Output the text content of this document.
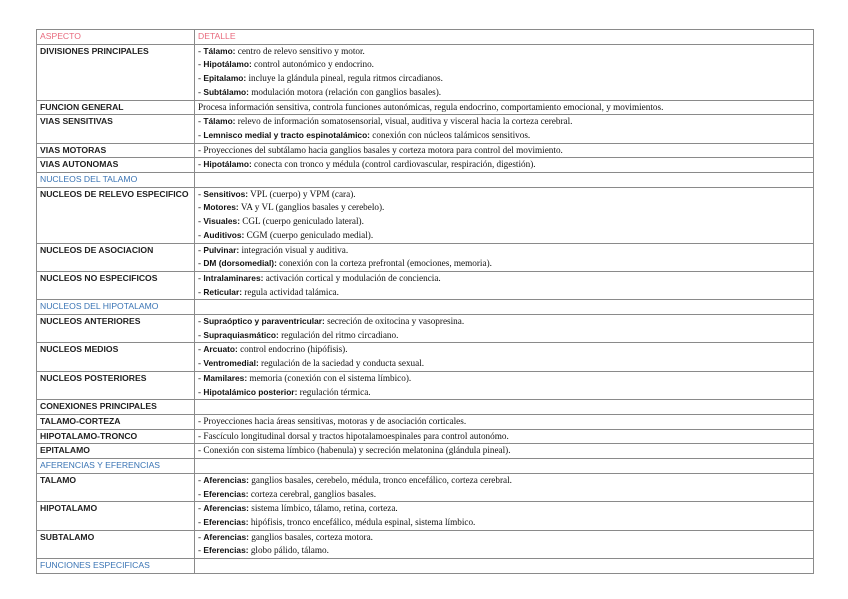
ASPECTO	DETALLE
DIVISIONES PRINCIPALES	- Tálamo: centro de relevo sensitivo y motor.
- Hipotálamo: control autonómico y endocrino.
- Epitalamo: incluye la glándula pineal, regula ritmos circadianos.
- Subtálamo: modulación motora (relación con ganglios basales).

FUNCION GENERAL	Procesa información sensitiva, controla funciones autonómicas, regula endocrino, comportamiento emocional, y movimientos.

VIAS SENSITIVAS	- Tálamo: relevo de información somatosensorial, visual, auditiva y visceral hacia la corteza cerebral.
- Lemnisco medial y tracto espinotalámico: conexión con núcleos talámicos sensitivos.

VIAS MOTORAS	- Proyecciones del subtálamo hacia ganglios basales y corteza motora para control del movimiento.

VIAS AUTONOMAS	- Hipotálamo: conecta con tronco y médula (control cardiovascular, respiración, digestión).

NUCLEOS DEL TALAMO	
NUCLEOS DE RELEVO ESPECIFICO	- Sensitivos: VPL (cuerpo) y VPM (cara).
- Motores: VA y VL (ganglios basales y cerebelo).
- Visuales: CGL (cuerpo geniculado lateral).
- Auditivos: CGM (cuerpo geniculado medial).

NUCLEOS DE ASOCIACION	- Pulvinar: integración visual y auditiva.
- DM (dorsomedial): conexión con la corteza prefrontal (emociones, memoria).

NUCLEOS NO ESPECIFICOS	- Intralaminares: activación cortical y modulación de conciencia.
- Reticular: regula actividad talámica.

NUCLEOS DEL HIPOTALAMO	
NUCLEOS ANTERIORES	- Supraóptico y paraventricular: secreción de oxitocina y vasopresina.
- Supraquiasmático: regulación del ritmo circadiano.

NUCLEOS MEDIOS	- Arcuato: control endocrino (hipófisis).
- Ventromedial: regulación de la saciedad y conducta sexual.

NUCLEOS POSTERIORES	- Mamilares: memoria (conexión con el sistema límbico).
- Hipotalámico posterior: regulación térmica.

CONEXIONES PRINCIPALES	
TALAMO-CORTEZA	- Proyecciones hacia áreas sensitivas, motoras y de asociación corticales.

HIPOTALAMO-TRONCO	- Fascículo longitudinal dorsal y tractos hipotalamoespinales para control autonómo.

EPITALAMO	- Conexión con sistema límbico (habenula) y secreción melatonina (glándula pineal).

AFERENCIAS Y EFERENCIAS	
TALAMO	- Aferencias: ganglios basales, cerebelo, médula, tronco encefálico, corteza cerebral.
- Eferencias: corteza cerebral, ganglios basales.

HIPOTALAMO	- Aferencias: sistema límbico, tálamo, retina, corteza.
- Eferencias: hipófisis, tronco encefálico, médula espinal, sistema límbico.

SUBTALAMO	- Aferencias: ganglios basales, corteza motora.
- Eferencias: globo pálido, tálamo.

FUNCIONES ESPECIFICAS	
